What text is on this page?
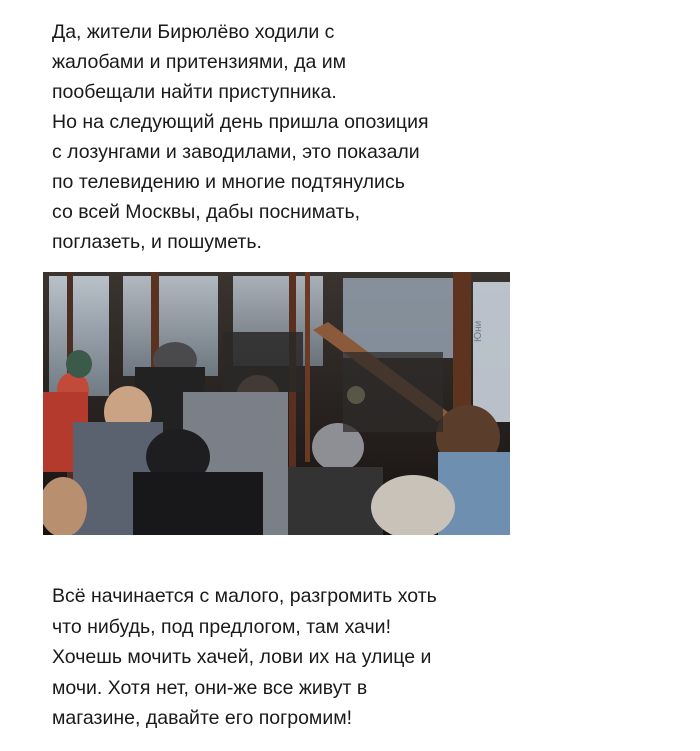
Да, жители Бирюлёво ходили с
жалобами и притензиями, да им
пообещали найти приступника.
Но на следующий день пришла опозиция
с лозунгами и заводилами, это показали
по телевидению и многие подтянулись
со всей Москвы, дабы поснимать,
поглазеть, и пошуметь.
Юни
Всё начинается с малого, разгромить хоть
что нибудь, под предлогом, там хачи!
Хочешь мочить хачей, лови их на улице и
мочи. Хотя нет, они-же все живут в
магазине, давайте его погромим!
